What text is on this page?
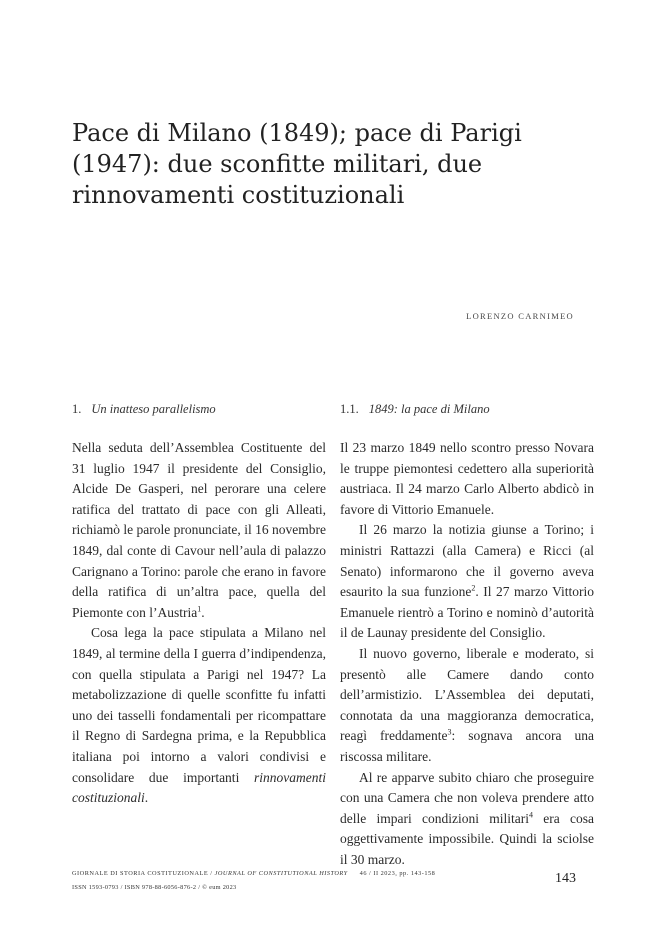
Pace di Milano (1849); pace di Parigi (1947): due sconfitte militari, due rinnovamenti costituzionali
LORENZO CARNIMEO
1. Un inatteso parallelismo	1.1. 1849: la pace di Milano

Nella seduta dell’Assemblea Costituente del 31 luglio 1947 il presidente del Consiglio, Alcide De Gasperi, nel perorare una celere ratifica del trattato di pace con gli Alleati, richiamò le parole pronunciate, il 16 novembre 1849, dal conte di Cavour nell’aula di palazzo Carignano a Torino: parole che erano in favore della ratifica di un’altra pace, quella del Piemonte con l’Austria$^1$.

Cosa lega la pace stipulata a Milano nel 1849, al termine della I guerra d’indipendenza, con quella stipulata a Parigi nel 1947? La metabolizzazione di quelle sconfitte fu infatti uno dei tasselli fondamentali per ricompattare il Regno di Sardegna prima, e la Repubblica italiana poi intorno a valori condivisi e consolidare due importanti rinnovamenti costituzionali.

Il 23 marzo 1849 nello scontro presso Novara le truppe piemontesi cedettero alla superiorità austriaca. Il 24 marzo Carlo Alberto abdicò in favore di Vittorio Emanuele.

Il 26 marzo la notizia giunse a Torino; i ministri Rattazzi (alla Camera) e Ricci (al Senato) informarono che il governo aveva esaurito la sua funzione$^2$. Il 27 marzo Vittorio Emanuele rientrò a Torino e nominò d’autorità il de Launay presidente del Consiglio.

Il nuovo governo, liberale e moderato, si presentò alle Camere dando conto dell’armistizio. L’Assemblea dei deputati, connotata da una maggioranza democratica, reagì freddamente$^3$: sognava ancora una riscossa militare.

Al re apparve subito chiaro che proseguire con una Camera che non voleva prendere atto delle impari condizioni militari$^4$ era cosa oggettivamente impossibile. Quindi la sciolse il 30 marzo.

GIORNALE DI STORIA COSTITUZIONALE / JOURNAL OF CONSTITUTIONAL HISTORY 46 / II 2023, pp. 143-158
ISSN 1593-0793 / ISBN 978-88-6056-876-2 / © eum 2023
143
